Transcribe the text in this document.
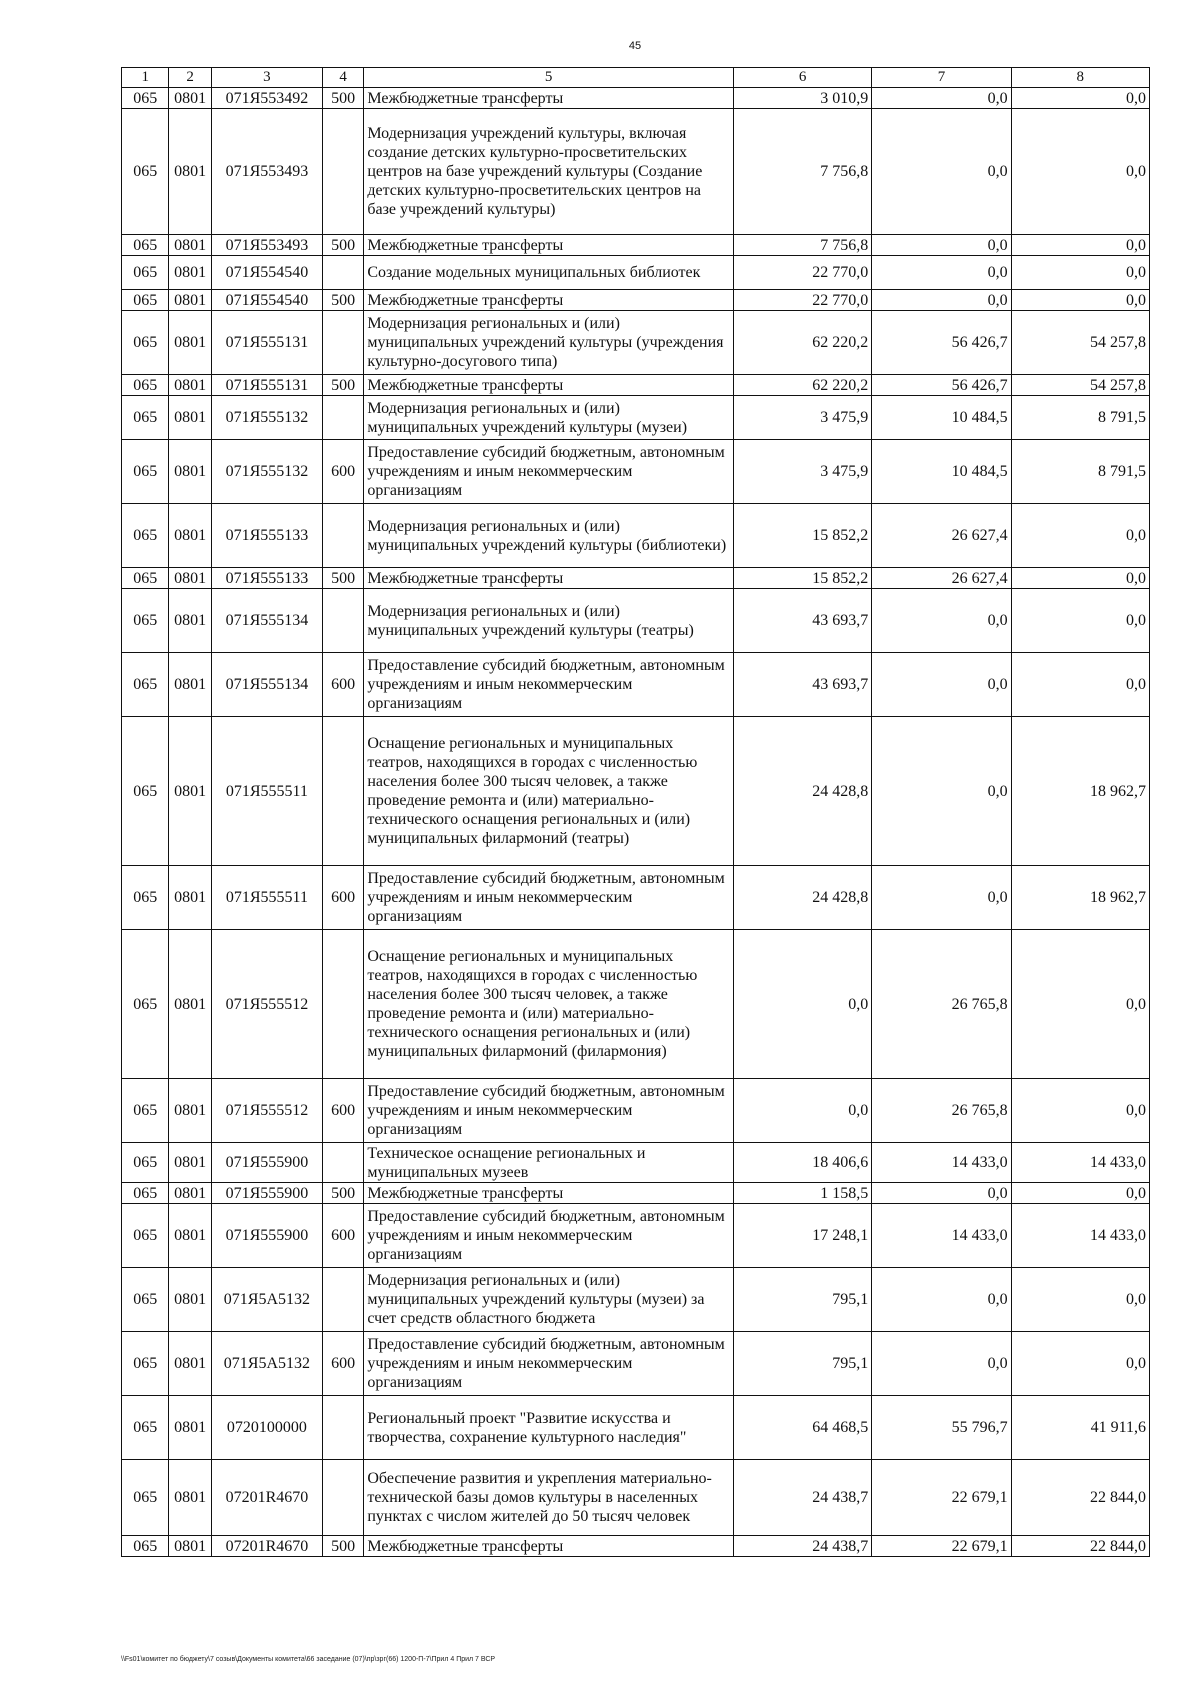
45
1	2	3	4	5	6	7	8
065	0801	071Я553492	500	Межбюджетные трансферты	3 010,9	0,0	0,0
065	0801	071Я553493		Модернизация учреждений культуры, включая создание детских культурно-просветительских центров на базе учреждений культуры (Создание детских культурно-просветительских центров на базе учреждений культуры)	7 756,8	0,0	0,0
065	0801	071Я553493	500	Межбюджетные трансферты	7 756,8	0,0	0,0
065	0801	071Я554540		Создание модельных муниципальных библиотек	22 770,0	0,0	0,0
065	0801	071Я554540	500	Межбюджетные трансферты	22 770,0	0,0	0,0
065	0801	071Я555131		Модернизация региональных и (или) муниципальных учреждений культуры (учреждения культурно-досугового типа)	62 220,2	56 426,7	54 257,8
065	0801	071Я555131	500	Межбюджетные трансферты	62 220,2	56 426,7	54 257,8
065	0801	071Я555132		Модернизация региональных и (или) муниципальных учреждений культуры (музеи)	3 475,9	10 484,5	8 791,5
065	0801	071Я555132	600	Предоставление субсидий бюджетным, автономным учреждениям и иным некоммерческим организациям	3 475,9	10 484,5	8 791,5
065	0801	071Я555133		Модернизация региональных и (или) муниципальных учреждений культуры (библиотеки)	15 852,2	26 627,4	0,0
065	0801	071Я555133	500	Межбюджетные трансферты	15 852,2	26 627,4	0,0
065	0801	071Я555134		Модернизация региональных и (или) муниципальных учреждений культуры (театры)	43 693,7	0,0	0,0
065	0801	071Я555134	600	Предоставление субсидий бюджетным, автономным учреждениям и иным некоммерческим организациям	43 693,7	0,0	0,0
065	0801	071Я555511		Оснащение региональных и муниципальных театров, находящихся в городах с численностью населения более 300 тысяч человек, а также проведение ремонта и (или) материально-технического оснащения региональных и (или) муниципальных филармоний (театры)	24 428,8	0,0	18 962,7
065	0801	071Я555511	600	Предоставление субсидий бюджетным, автономным учреждениям и иным некоммерческим организациям	24 428,8	0,0	18 962,7
065	0801	071Я555512		Оснащение региональных и муниципальных театров, находящихся в городах с численностью населения более 300 тысяч человек, а также проведение ремонта и (или) материально-технического оснащения региональных и (или) муниципальных филармоний (филармония)	0,0	26 765,8	0,0
065	0801	071Я555512	600	Предоставление субсидий бюджетным, автономным учреждениям и иным некоммерческим организациям	0,0	26 765,8	0,0
065	0801	071Я555900		Техническое оснащение региональных и муниципальных музеев	18 406,6	14 433,0	14 433,0
065	0801	071Я555900	500	Межбюджетные трансферты	1 158,5	0,0	0,0
065	0801	071Я555900	600	Предоставление субсидий бюджетным, автономным учреждениям и иным некоммерческим организациям	17 248,1	14 433,0	14 433,0
065	0801	071Я5А5132		Модернизация региональных и (или) муниципальных учреждений культуры (музеи) за счет средств областного бюджета	795,1	0,0	0,0
065	0801	071Я5А5132	600	Предоставление субсидий бюджетным, автономным учреждениям и иным некоммерческим организациям	795,1	0,0	0,0
065	0801	0720100000		Региональный проект "Развитие искусства и творчества, сохранение культурного наследия"	64 468,5	55 796,7	41 911,6
065	0801	07201R4670		Обеспечение развития и укрепления материально-технической базы домов культуры в населенных пунктах с числом жителей до 50 тысяч человек	24 438,7	22 679,1	22 844,0
065	0801	07201R4670	500	Межбюджетные трансферты	24 438,7	22 679,1	22 844,0
\\Fs01\комитет по бюджету\7 созыв\Документы комитета\66 заседание (07)\пр\зрг(66) 1200-П-7\Прил 4 Прил 7 ВСР
